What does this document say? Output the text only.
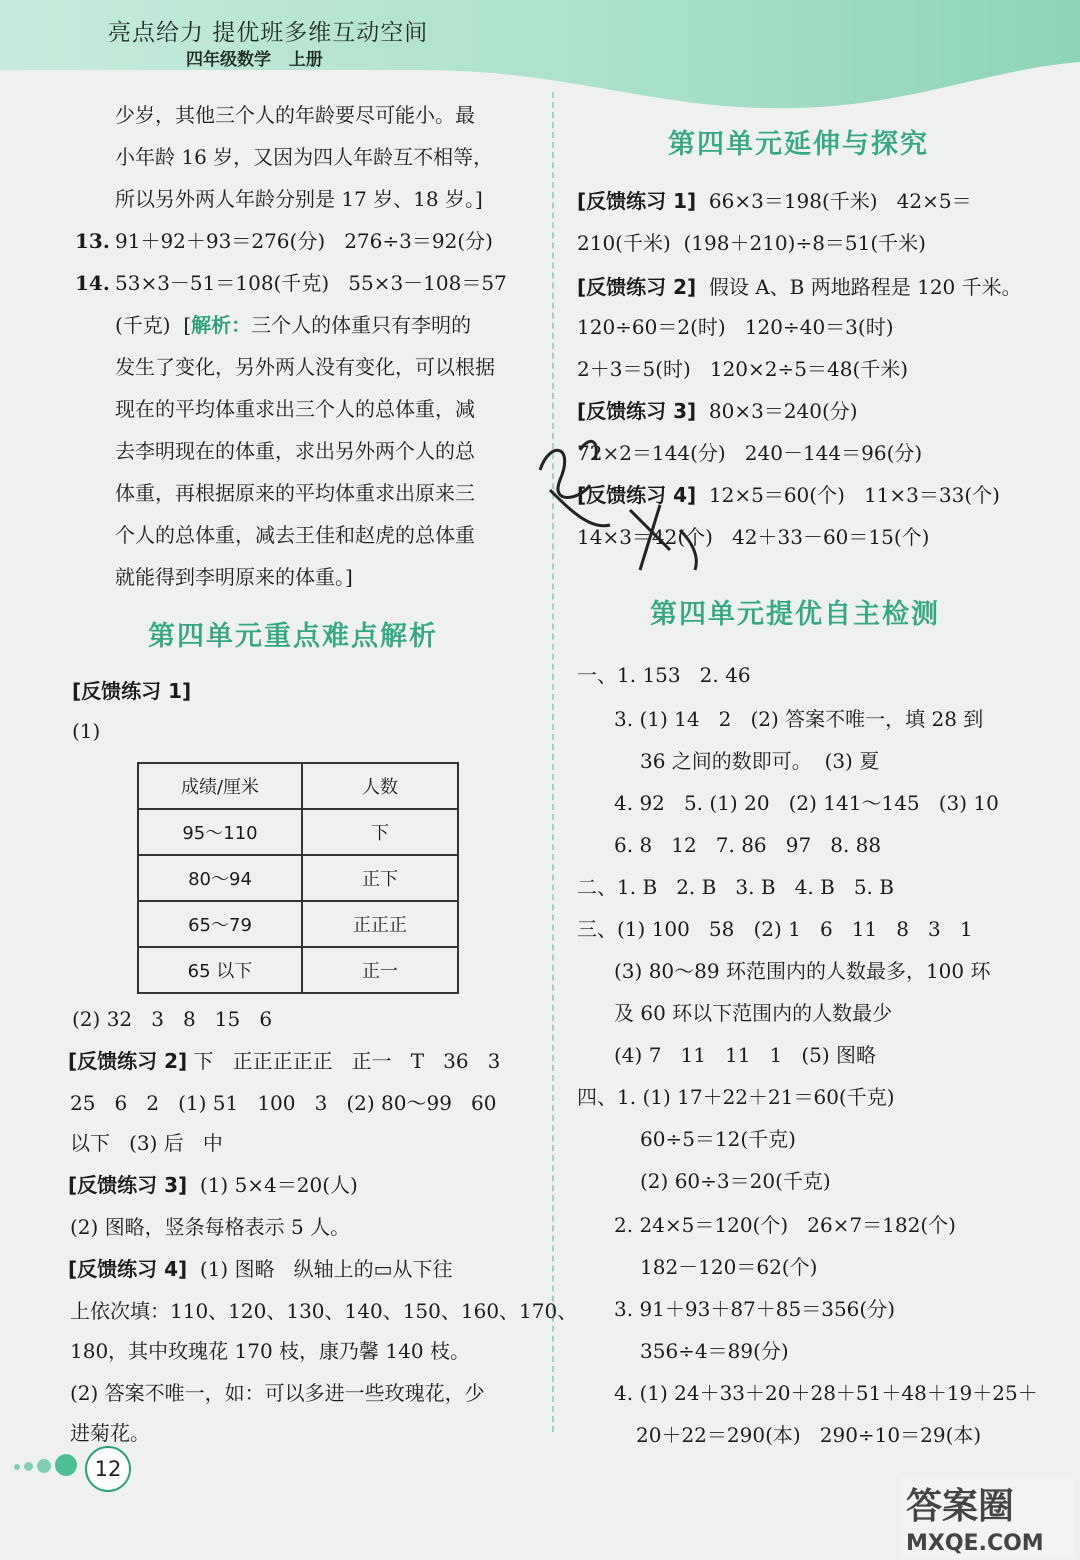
亮点给力 提优班多维互动空间
四年级数学   上册
少岁，其他三个人的年龄要尽可能小。最
小年龄 16 岁，又因为四人年龄互不相等，
所以另外两人年龄分别是 17 岁、18 岁。]
13. 91＋92＋93＝276(分)   276÷3＝92(分)
14. 53×3－51＝108(千克)   55×3－108＝57
(千克)  [解析：三个人的体重只有李明的
发生了变化，另外两人没有变化，可以根据
现在的平均体重求出三个人的总体重，减
去李明现在的体重，求出另外两个人的总
体重，再根据原来的平均体重求出原来三
个人的总体重，减去王佳和赵虎的总体重
就能得到李明原来的体重。]
第四单元重点难点解析
[反馈练习 1]
(1)
成绩/厘米	人数
95～110	下
80～94	正下
65～79	正正正
65 以下	正一
(2) 32   3   8   15   6
[反馈练习 2] 下   正正正正正   正一   T   36   3
25   6   2   (1) 51   100   3   (2) 80～99   60
以下   (3) 后   中
[反馈练习 3]  (1) 5×4＝20(人)
(2) 图略，竖条每格表示 5 人。
[反馈练习 4]  (1) 图略   纵轴上的▭从下往
上依次填：110、120、130、140、150、160、170、
180，其中玫瑰花 170 枝，康乃馨 140 枝。
(2) 答案不唯一，如：可以多进一些玫瑰花，少
进菊花。
12
第四单元延伸与探究
[反馈练习 1]  66×3＝198(千米)   42×5＝
210(千米)  (198＋210)÷8＝51(千米)
[反馈练习 2]  假设 A、B 两地路程是 120 千米。
120÷60＝2(时)   120÷40＝3(时)
2＋3＝5(时)   120×2÷5＝48(千米)
[反馈练习 3]  80×3＝240(分)
72×2＝144(分)   240－144＝96(分)
[反馈练习 4]  12×5＝60(个)   11×3＝33(个)
14×3＝42(个)   42＋33－60＝15(个)
第四单元提优自主检测
一、1. 153   2. 46
3. (1) 14   2   (2) 答案不唯一，填 28 到
36 之间的数即可。  (3) 夏
4. 92   5. (1) 20   (2) 141～145   (3) 10
6. 8   12   7. 86   97   8. 88
二、1. B   2. B   3. B   4. B   5. B
三、(1) 100   58   (2) 1   6   11   8   3   1
(3) 80～89 环范围内的人数最多，100 环
及 60 环以下范围内的人数最少
(4) 7   11   11   1   (5) 图略
四、1. (1) 17＋22＋21＝60(千克)
60÷5＝12(千克)
(2) 60÷3＝20(千克)
2. 24×5＝120(个)   26×7＝182(个)
182－120＝62(个)
3. 91＋93＋87＋85＝356(分)
356÷4＝89(分)
4. (1) 24＋33＋20＋28＋51＋48＋19＋25＋
20＋22＝290(本)   290÷10＝29(本)
答案圈
MXQE.COM
